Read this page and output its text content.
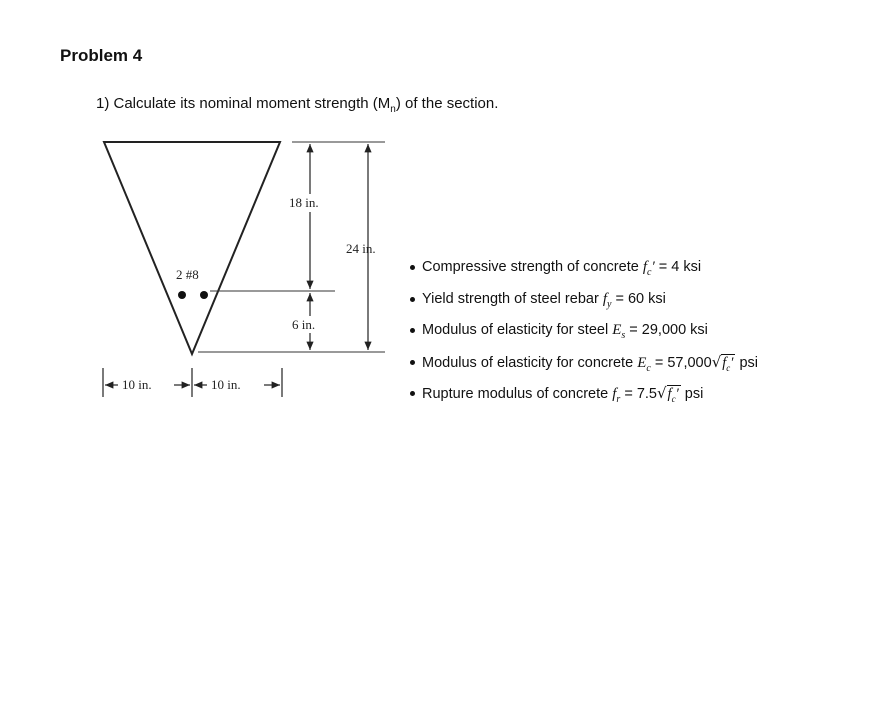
Problem 4

1) Calculate its nominal moment strength $(M_n)$ of the section.

2 #8
18 in.
6 in.
24 in.
10 in.	10 in.
Compressive strength of concrete $f_c' = 4$ ksi
Yield strength of steel rebar $f_y = 60$ ksi
Modulus of elasticity for steel $E_s = 29,000$ ksi
Modulus of elasticity for concrete $E_c = 57,000√f_c'$ psi
Rupture modulus of concrete $f_r = 7.5√f_c'$ psi
